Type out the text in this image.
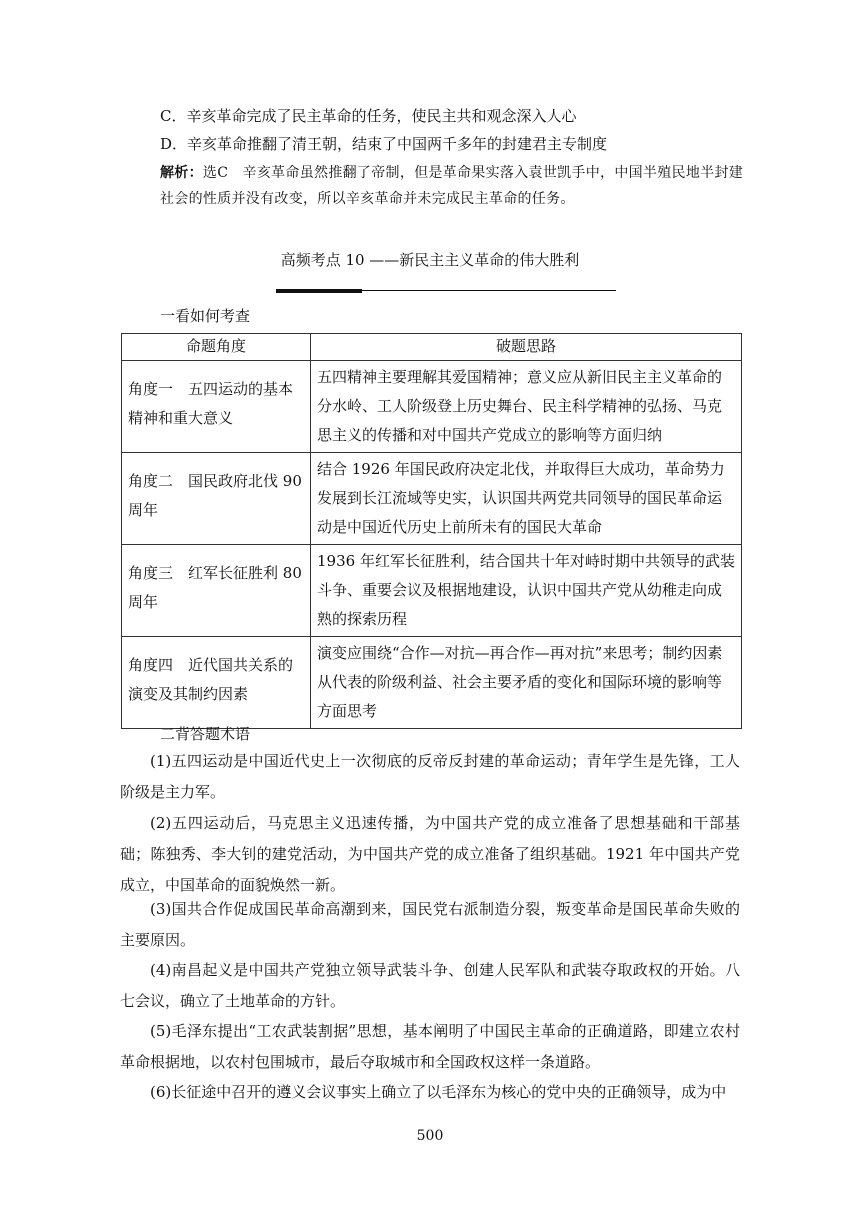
C．辛亥革命完成了民主革命的任务，使民主共和观念深入人心
D．辛亥革命推翻了清王朝，结束了中国两千多年的封建君主专制度
解析：选C　辛亥革命虽然推翻了帝制，但是革命果实落入袁世凯手中，中国半殖民地半封建社会的性质并没有改变，所以辛亥革命并未完成民主革命的任务。
高频考点 10 ——新民主主义革命的伟大胜利
一看如何考查
命题角度	破题思路
角度一　五四运动的基本精神和重大意义	五四精神主要理解其爱国精神；意义应从新旧民主主义革命的分水岭、工人阶级登上历史舞台、民主科学精神的弘扬、马克思主义的传播和对中国共产党成立的影响等方面归纳
角度二　国民政府北伐 90 周年	结合 1926 年国民政府决定北伐，并取得巨大成功，革命势力发展到长江流域等史实，认识国共两党共同领导的国民革命运动是中国近代历史上前所未有的国民大革命
角度三　红军长征胜利 80 周年	1936 年红军长征胜利，结合国共十年对峙时期中共领导的武装斗争、重要会议及根据地建设，认识中国共产党从幼稚走向成熟的探索历程
角度四　近代国共关系的演变及其制约因素	演变应围绕“合作—对抗—再合作—再对抗”来思考；制约因素从代表的阶级利益、社会主要矛盾的变化和国际环境的影响等方面思考
二背答题术语
(1)五四运动是中国近代史上一次彻底的反帝反封建的革命运动；青年学生是先锋，工人阶级是主力军。
(2)五四运动后，马克思主义迅速传播，为中国共产党的成立准备了思想基础和干部基础；陈独秀、李大钊的建党活动，为中国共产党的成立准备了组织基础。1921 年中国共产党成立，中国革命的面貌焕然一新。
(3)国共合作促成国民革命高潮到来，国民党右派制造分裂，叛变革命是国民革命失败的主要原因。
(4)南昌起义是中国共产党独立领导武装斗争、创建人民军队和武装夺取政权的开始。八七会议，确立了土地革命的方针。
(5)毛泽东提出“工农武装割据”思想，基本阐明了中国民主革命的正确道路，即建立农村革命根据地，以农村包围城市，最后夺取城市和全国政权这样一条道路。
(6)长征途中召开的遵义会议事实上确立了以毛泽东为核心的党中央的正确领导，成为中
500
